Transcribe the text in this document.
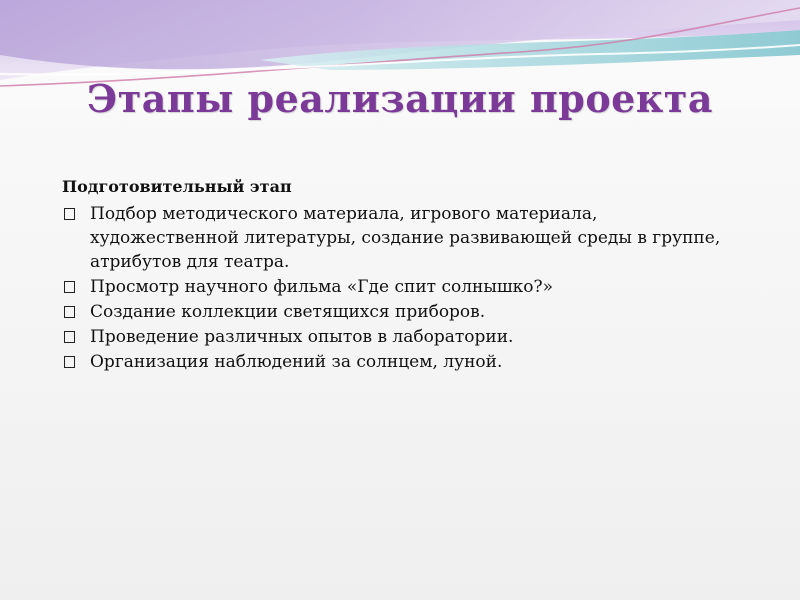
Этапы реализации проекта
Подготовительный этап
Подбор методического материала, игрового материала, художественной литературы, создание развивающей среды в группе, атрибутов для театра.
Просмотр научного фильма «Где спит солнышко?»
Создание коллекции светящихся приборов.
Проведение различных опытов в лаборатории.
Организация наблюдений за солнцем, луной.
